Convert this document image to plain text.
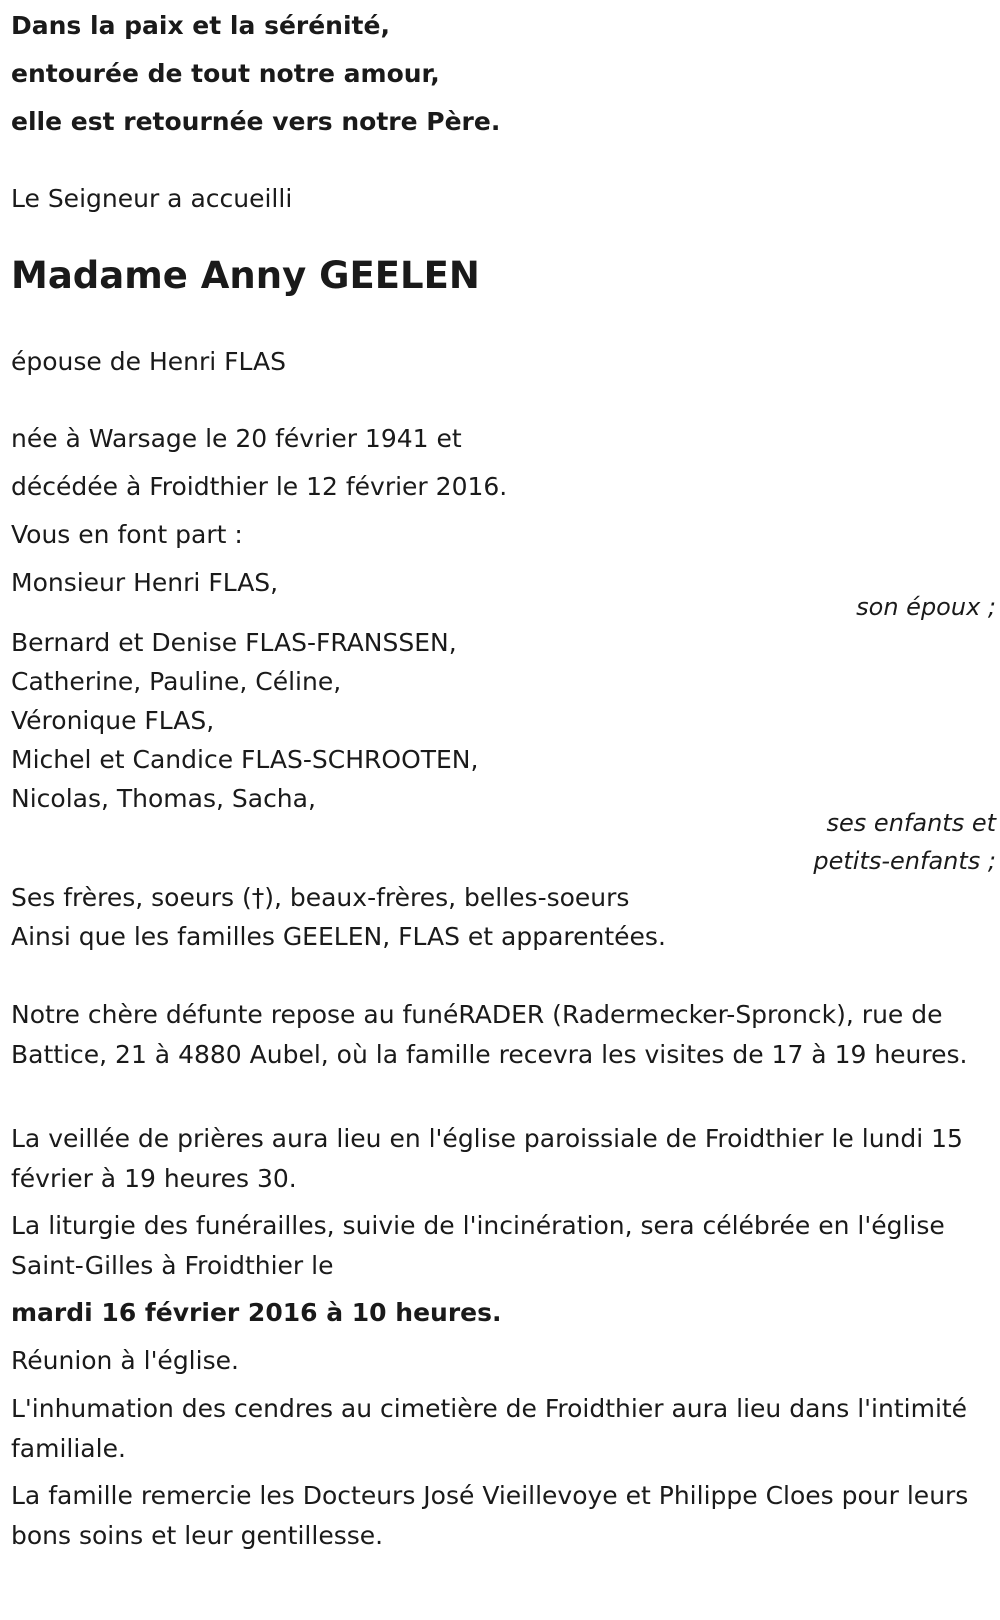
Dans la paix et la sérénité,
entourée de tout notre amour,
elle est retournée vers notre Père.
Le Seigneur a accueilli
Madame Anny GEELEN
épouse de Henri FLAS
née à Warsage le 20 février 1941 et
décédée à Froidthier le 12 février 2016.
Vous en font part :
Monsieur Henri FLAS,
son époux ;
Bernard et Denise FLAS-FRANSSEN,
Catherine, Pauline, Céline,
Véronique FLAS,
Michel et Candice FLAS-SCHROOTEN,
Nicolas, Thomas, Sacha,
ses enfants et
petits-enfants ;
Ses frères, soeurs (†), beaux-frères, belles-soeurs
Ainsi que les familles GEELEN, FLAS et apparentées.
Notre chère défunte repose au funéRADER (Radermecker-Spronck), rue de Battice, 21 à 4880 Aubel, où la famille recevra les visites de 17 à 19 heures.
La veillée de prières aura lieu en l'église paroissiale de Froidthier le lundi 15 février à 19 heures 30.
La liturgie des funérailles, suivie de l'incinération, sera célébrée en l'église Saint-Gilles à Froidthier le
mardi 16 février 2016 à 10 heures.
Réunion à l'église.
L'inhumation des cendres au cimetière de Froidthier aura lieu dans l'intimité familiale.
La famille remercie les Docteurs José Vieillevoye et Philippe Cloes pour leurs bons soins et leur gentillesse.
